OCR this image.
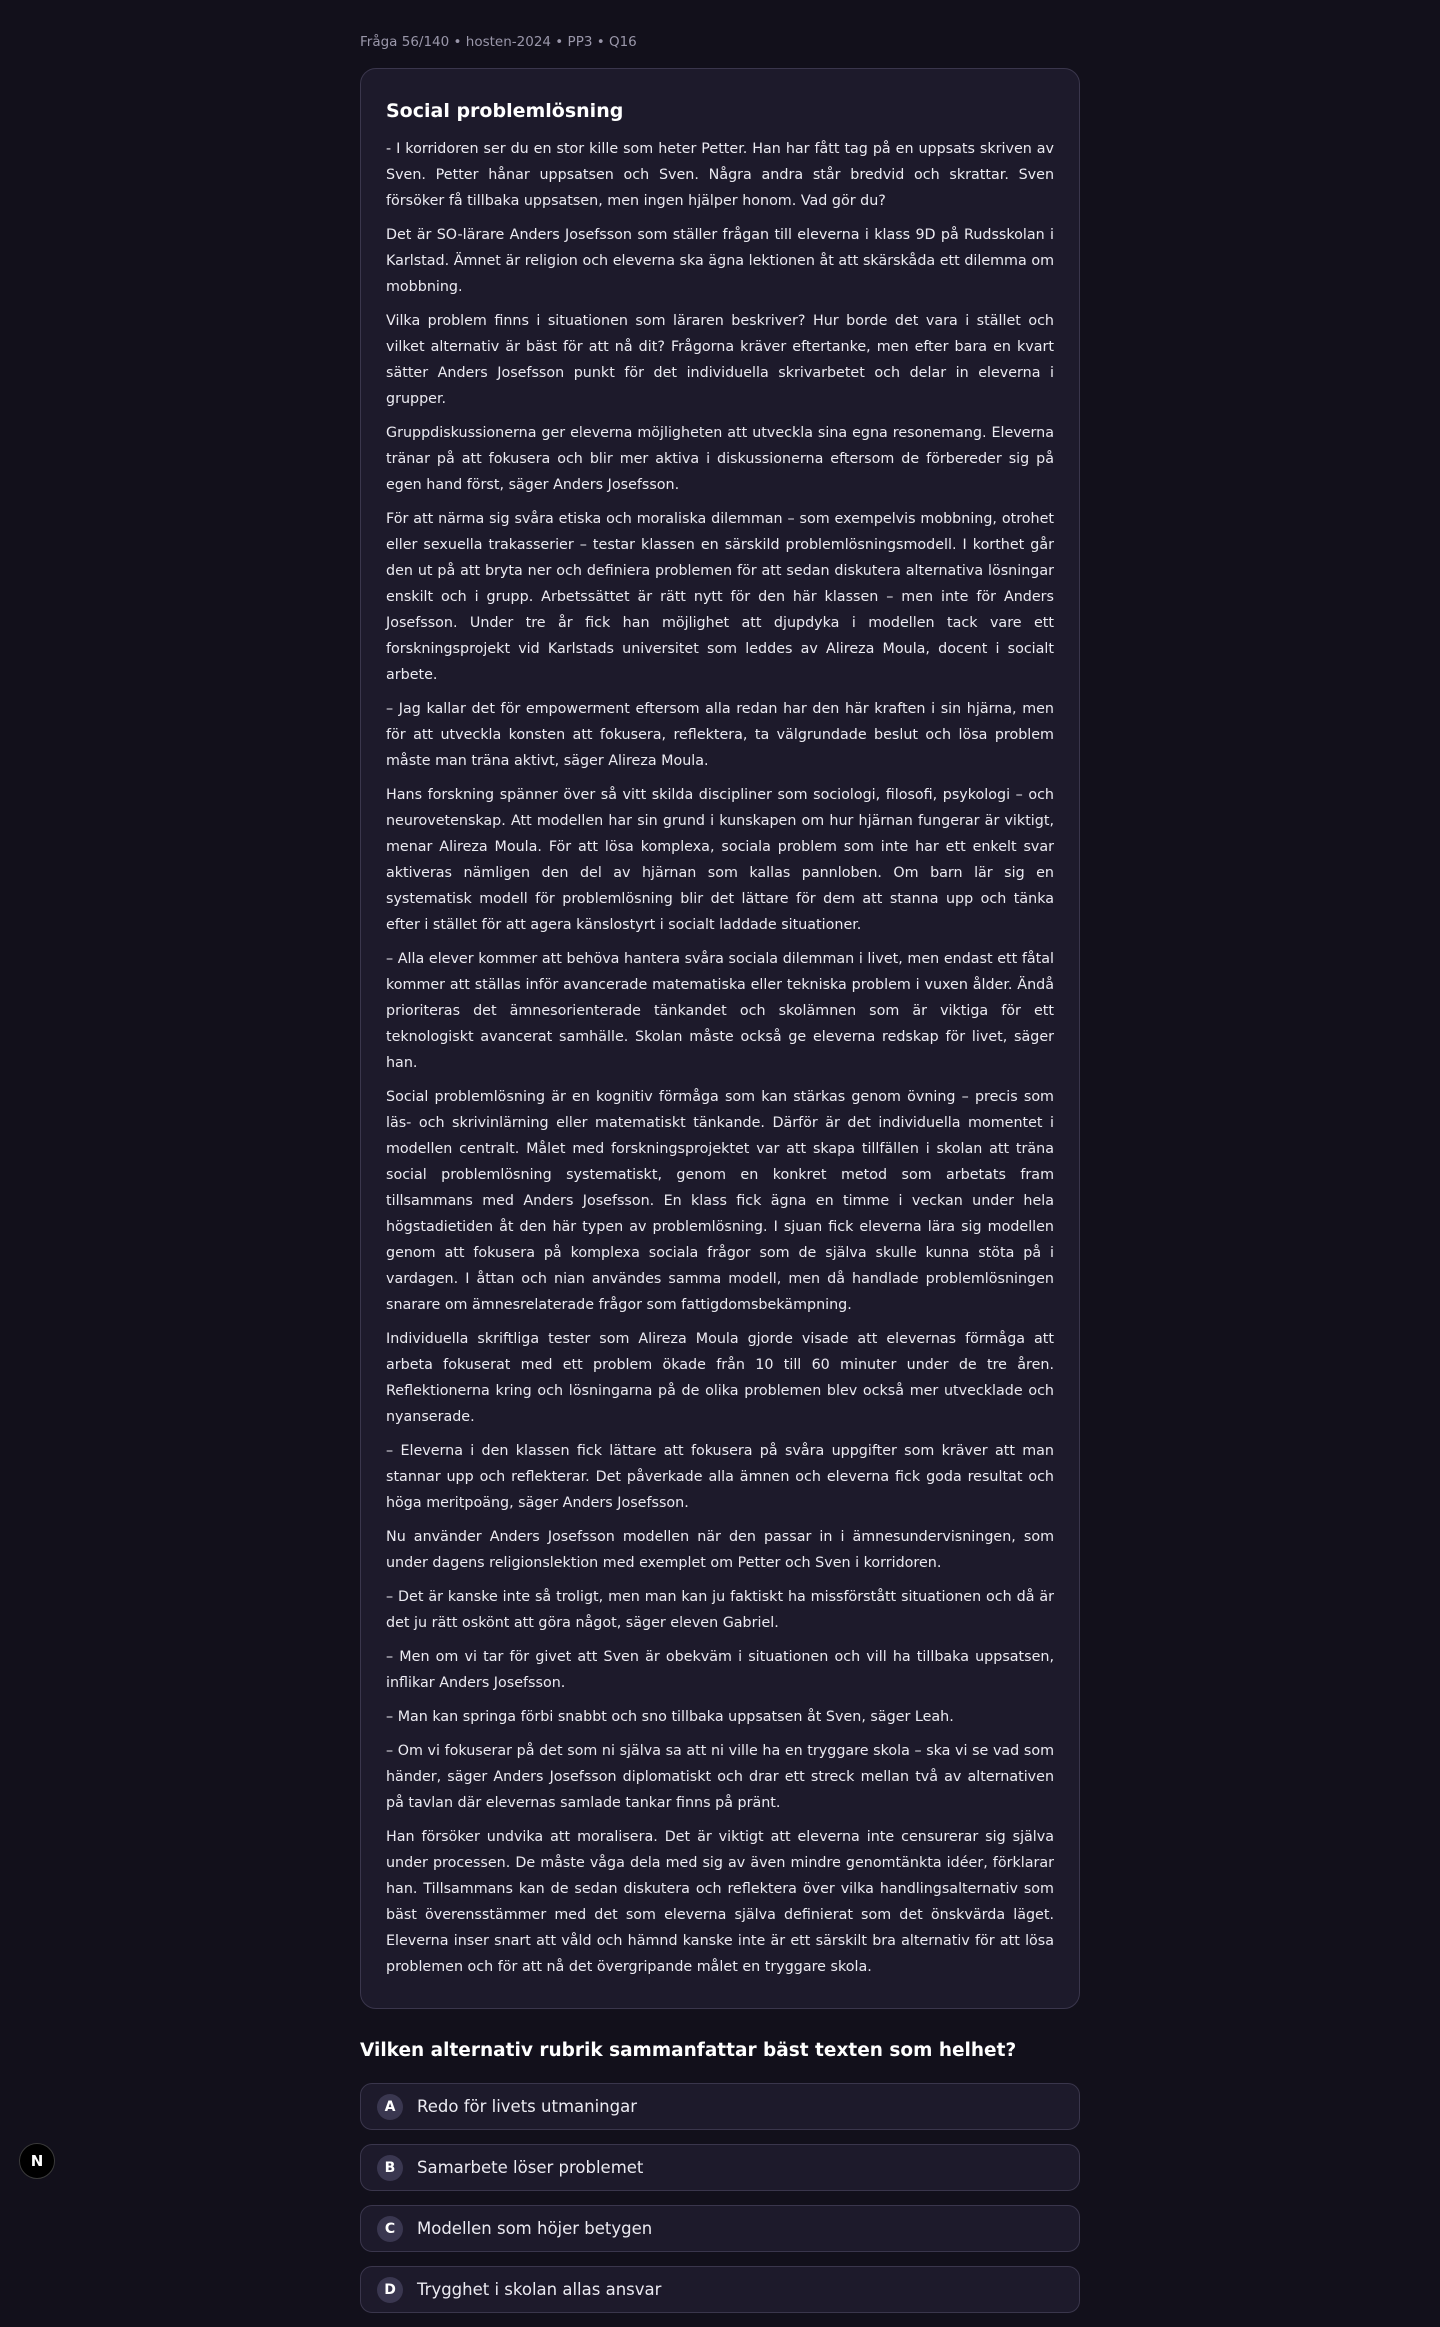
Fråga 56/140 • hosten-2024 • PP3 • Q16
Social problemlösning

- I korridoren ser du en stor kille som heter Petter. Han har fått tag på en uppsats skriven av Sven. Petter hånar uppsatsen och Sven. Några andra står bredvid och skrattar. Sven försöker få tillbaka uppsatsen, men ingen hjälper honom. Vad gör du?

Det är SO-lärare Anders Josefsson som ställer frågan till eleverna i klass 9D på Rudsskolan i Karlstad. Ämnet är religion och eleverna ska ägna lektionen åt att skärskåda ett dilemma om mobbning.

Vilka problem finns i situationen som läraren beskriver? Hur borde det vara i stället och vilket alternativ är bäst för att nå dit? Frågorna kräver eftertanke, men efter bara en kvart sätter Anders Josefsson punkt för det individuella skrivarbetet och delar in eleverna i grupper.

Gruppdiskussionerna ger eleverna möjligheten att utveckla sina egna resonemang. Eleverna tränar på att fokusera och blir mer aktiva i diskussionerna eftersom de förbereder sig på egen hand först, säger Anders Josefsson.

För att närma sig svåra etiska och moraliska dilemman – som exempelvis mobbning, otrohet eller sexuella trakasserier – testar klassen en särskild problemlösningsmodell. I korthet går den ut på att bryta ner och definiera problemen för att sedan diskutera alternativa lösningar enskilt och i grupp. Arbetssättet är rätt nytt för den här klassen – men inte för Anders Josefsson. Under tre år fick han möjlighet att djupdyka i modellen tack vare ett forskningsprojekt vid Karlstads universitet som leddes av Alireza Moula, docent i socialt arbete.

– Jag kallar det för empowerment eftersom alla redan har den här kraften i sin hjärna, men för att utveckla konsten att fokusera, reflektera, ta välgrundade beslut och lösa problem måste man träna aktivt, säger Alireza Moula.

Hans forskning spänner över så vitt skilda discipliner som sociologi, filosofi, psykologi – och neurovetenskap. Att modellen har sin grund i kunskapen om hur hjärnan fungerar är viktigt, menar Alireza Moula. För att lösa komplexa, sociala problem som inte har ett enkelt svar aktiveras nämligen den del av hjärnan som kallas pannloben. Om barn lär sig en systematisk modell för problemlösning blir det lättare för dem att stanna upp och tänka efter i stället för att agera känslostyrt i socialt laddade situationer.

– Alla elever kommer att behöva hantera svåra sociala dilemman i livet, men endast ett fåtal kommer att ställas inför avancerade matematiska eller tekniska problem i vuxen ålder. Ändå prioriteras det ämnesorienterade tänkandet och skolämnen som är viktiga för ett teknologiskt avancerat samhälle. Skolan måste också ge eleverna redskap för livet, säger han.

Social problemlösning är en kognitiv förmåga som kan stärkas genom övning – precis som läs- och skrivinlärning eller matematiskt tänkande. Därför är det individuella momentet i modellen centralt. Målet med forskningsprojektet var att skapa tillfällen i skolan att träna social problemlösning systematiskt, genom en konkret metod som arbetats fram tillsammans med Anders Josefsson. En klass fick ägna en timme i veckan under hela högstadietiden åt den här typen av problemlösning. I sjuan fick eleverna lära sig modellen genom att fokusera på komplexa sociala frågor som de själva skulle kunna stöta på i vardagen. I åttan och nian användes samma modell, men då handlade problemlösningen snarare om ämnesrelaterade frågor som fattigdomsbekämpning.

Individuella skriftliga tester som Alireza Moula gjorde visade att elevernas förmåga att arbeta fokuserat med ett problem ökade från 10 till 60 minuter under de tre åren. Reflektionerna kring och lösningarna på de olika problemen blev också mer utvecklade och nyanserade.

– Eleverna i den klassen fick lättare att fokusera på svåra uppgifter som kräver att man stannar upp och reflekterar. Det påverkade alla ämnen och eleverna fick goda resultat och höga meritpoäng, säger Anders Josefsson.

Nu använder Anders Josefsson modellen när den passar in i ämnesundervisningen, som under dagens religionslektion med exemplet om Petter och Sven i korridoren.

– Det är kanske inte så troligt, men man kan ju faktiskt ha missförstått situationen och då är det ju rätt oskönt att göra något, säger eleven Gabriel.

– Men om vi tar för givet att Sven är obekväm i situationen och vill ha tillbaka uppsatsen, inflikar Anders Josefsson.

– Man kan springa förbi snabbt och sno tillbaka uppsatsen åt Sven, säger Leah.

– Om vi fokuserar på det som ni själva sa att ni ville ha en tryggare skola – ska vi se vad som händer, säger Anders Josefsson diplomatiskt och drar ett streck mellan två av alternativen på tavlan där elevernas samlade tankar finns på pränt.

Han försöker undvika att moralisera. Det är viktigt att eleverna inte censurerar sig själva under processen. De måste våga dela med sig av även mindre genomtänkta idéer, förklarar han. Tillsammans kan de sedan diskutera och reflektera över vilka handlingsalternativ som bäst överensstämmer med det som eleverna själva definierat som det önskvärda läget. Eleverna inser snart att våld och hämnd kanske inte är ett särskilt bra alternativ för att lösa problemen och för att nå det övergripande målet en tryggare skola.

Vilken alternativ rubrik sammanfattar bäst texten som helhet?
A	Redo för livets utmaningar
B	Samarbete löser problemet
C	Modellen som höjer betygen
D	Trygghet i skolan allas ansvar
N
